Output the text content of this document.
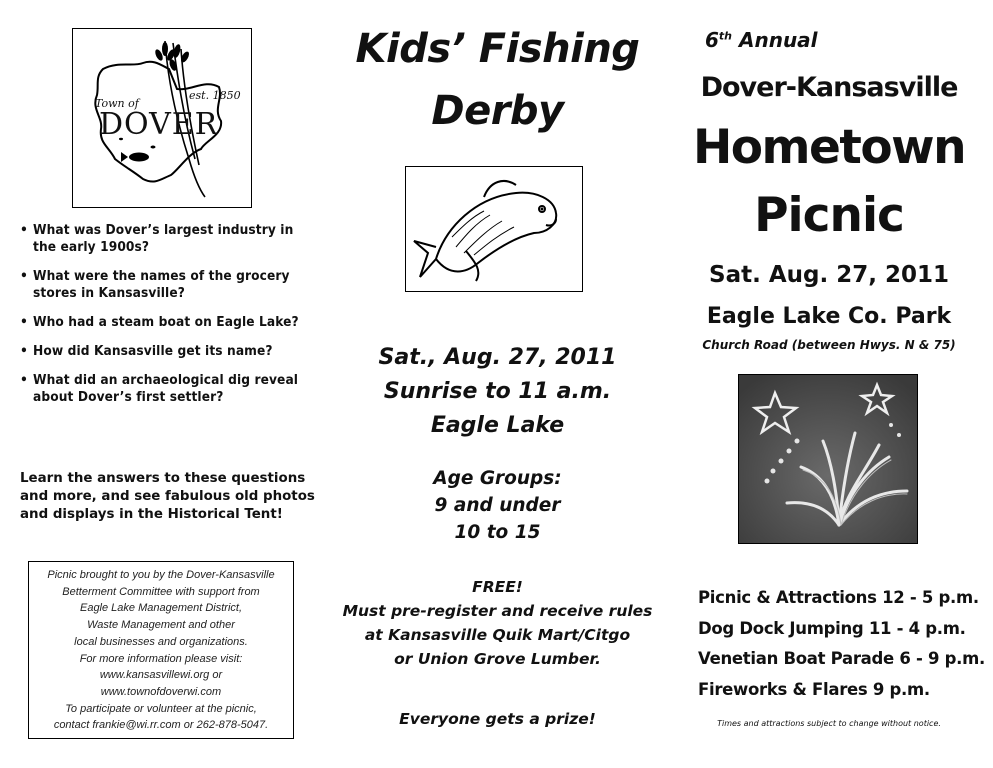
Town of
est. 1850
DOVER
• What was Dover’s largest industry in the early 1900s?
• What were the names of the grocery stores in Kansasville?
• Who had a steam boat on Eagle Lake?
• How did Kansasville get its name?
• What did an archaeological dig reveal about Dover’s first settler?
Learn the answers to these questions and more, and see fabulous old photos and displays in the Historical Tent!
Picnic brought to you by the Dover-Kansasville
Betterment Committee with support from
Eagle Lake Management District,
Waste Management and other
local businesses and organizations.
For more information please visit:
www.kansasvillewi.org or
www.townofdoverwi.com
To participate or volunteer at the picnic,
contact frankie@wi.rr.com or 262-878-5047.
Kids’ Fishing
Derby
Sat., Aug. 27, 2011
Sunrise to 11 a.m.
Eagle Lake
Age Groups:
9 and under
10 to 15
FREE!
Must pre-register and receive rules
at Kansasville Quik Mart/Citgo
or Union Grove Lumber.
Everyone gets a prize!
6th Annual
Dover-Kansasville
Hometown
Picnic
Sat. Aug. 27, 2011
Eagle Lake Co. Park
Church Road (between Hwys. N & 75)
Picnic & Attractions 12 - 5 p.m.
Dog Dock Jumping 11 - 4 p.m.
Venetian Boat Parade 6 - 9 p.m.
Fireworks & Flares 9 p.m.
Times and attractions subject to change without notice.
